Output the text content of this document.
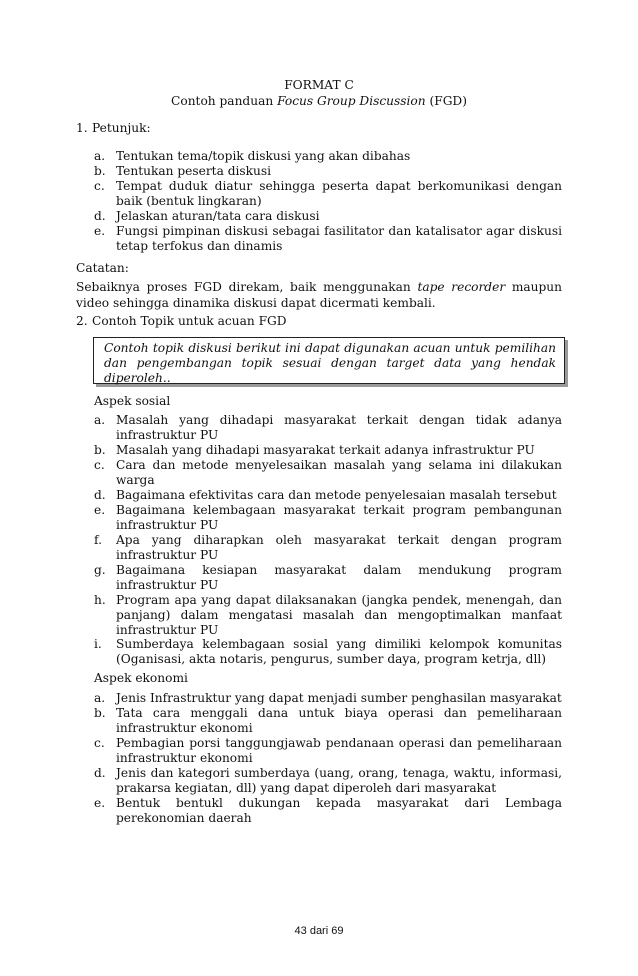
FORMAT C

Contoh panduan Focus Group Discussion (FGD)

1. Petunjuk:
a. Tentukan tema/topik diskusi yang akan dibahas
b. Tentukan peserta diskusi
c. Tempat duduk diatur sehingga peserta dapat berkomunikasi dengan
baik (bentuk lingkaran)
d. Jelaskan aturan/tata cara diskusi
e. Fungsi pimpinan diskusi sebagai fasilitator dan katalisator agar diskusi
tetap terfokus dan dinamis

Catatan:

Sebaiknya proses FGD direkam, baik menggunakan tape recorder maupun

video sehingga dinamika diskusi dapat dicermati kembali.

2. Contoh Topik untuk acuan FGD

Contoh topik diskusi berikut ini dapat digunakan acuan untuk pemilihan

dan pengembangan topik sesuai dengan target data yang hendak

diperoleh..

Aspek sosial

a. Masalah yang dihadapi masyarakat terkait dengan tidak adanya
infrastruktur PU
b. Masalah yang dihadapi masyarakat terkait adanya infrastruktur PU
c. Cara dan metode menyelesaikan masalah yang selama ini dilakukan
warga
d. Bagaimana efektivitas cara dan metode penyelesaian masalah tersebut
e. Bagaimana kelembagaan masyarakat terkait program pembangunan
infrastruktur PU
f. Apa yang diharapkan oleh masyarakat terkait dengan program
infrastruktur PU
g. Bagaimana kesiapan masyarakat dalam mendukung program
infrastruktur PU
h. Program apa yang dapat dilaksanakan (jangka pendek, menengah, dan
panjang) dalam mengatasi masalah dan mengoptimalkan manfaat
infrastruktur PU
i. Sumberdaya kelembagaan sosial yang dimiliki kelompok komunitas
(Oganisasi, akta notaris, pengurus, sumber daya, program ketrja, dll)

Aspek ekonomi

a. Jenis Infrastruktur yang dapat menjadi sumber penghasilan masyarakat
b. Tata cara menggali dana untuk biaya operasi dan pemeliharaan
infrastruktur ekonomi
c. Pembagian porsi tanggungjawab pendanaan operasi dan pemeliharaan
infrastruktur ekonomi
d. Jenis dan kategori sumberdaya (uang, orang, tenaga, waktu, informasi,
prakarsa kegiatan, dll) yang dapat diperoleh dari masyarakat
e. Bentuk bentukl dukungan kepada masyarakat dari Lembaga
perekonomian daerah
43 dari 69
